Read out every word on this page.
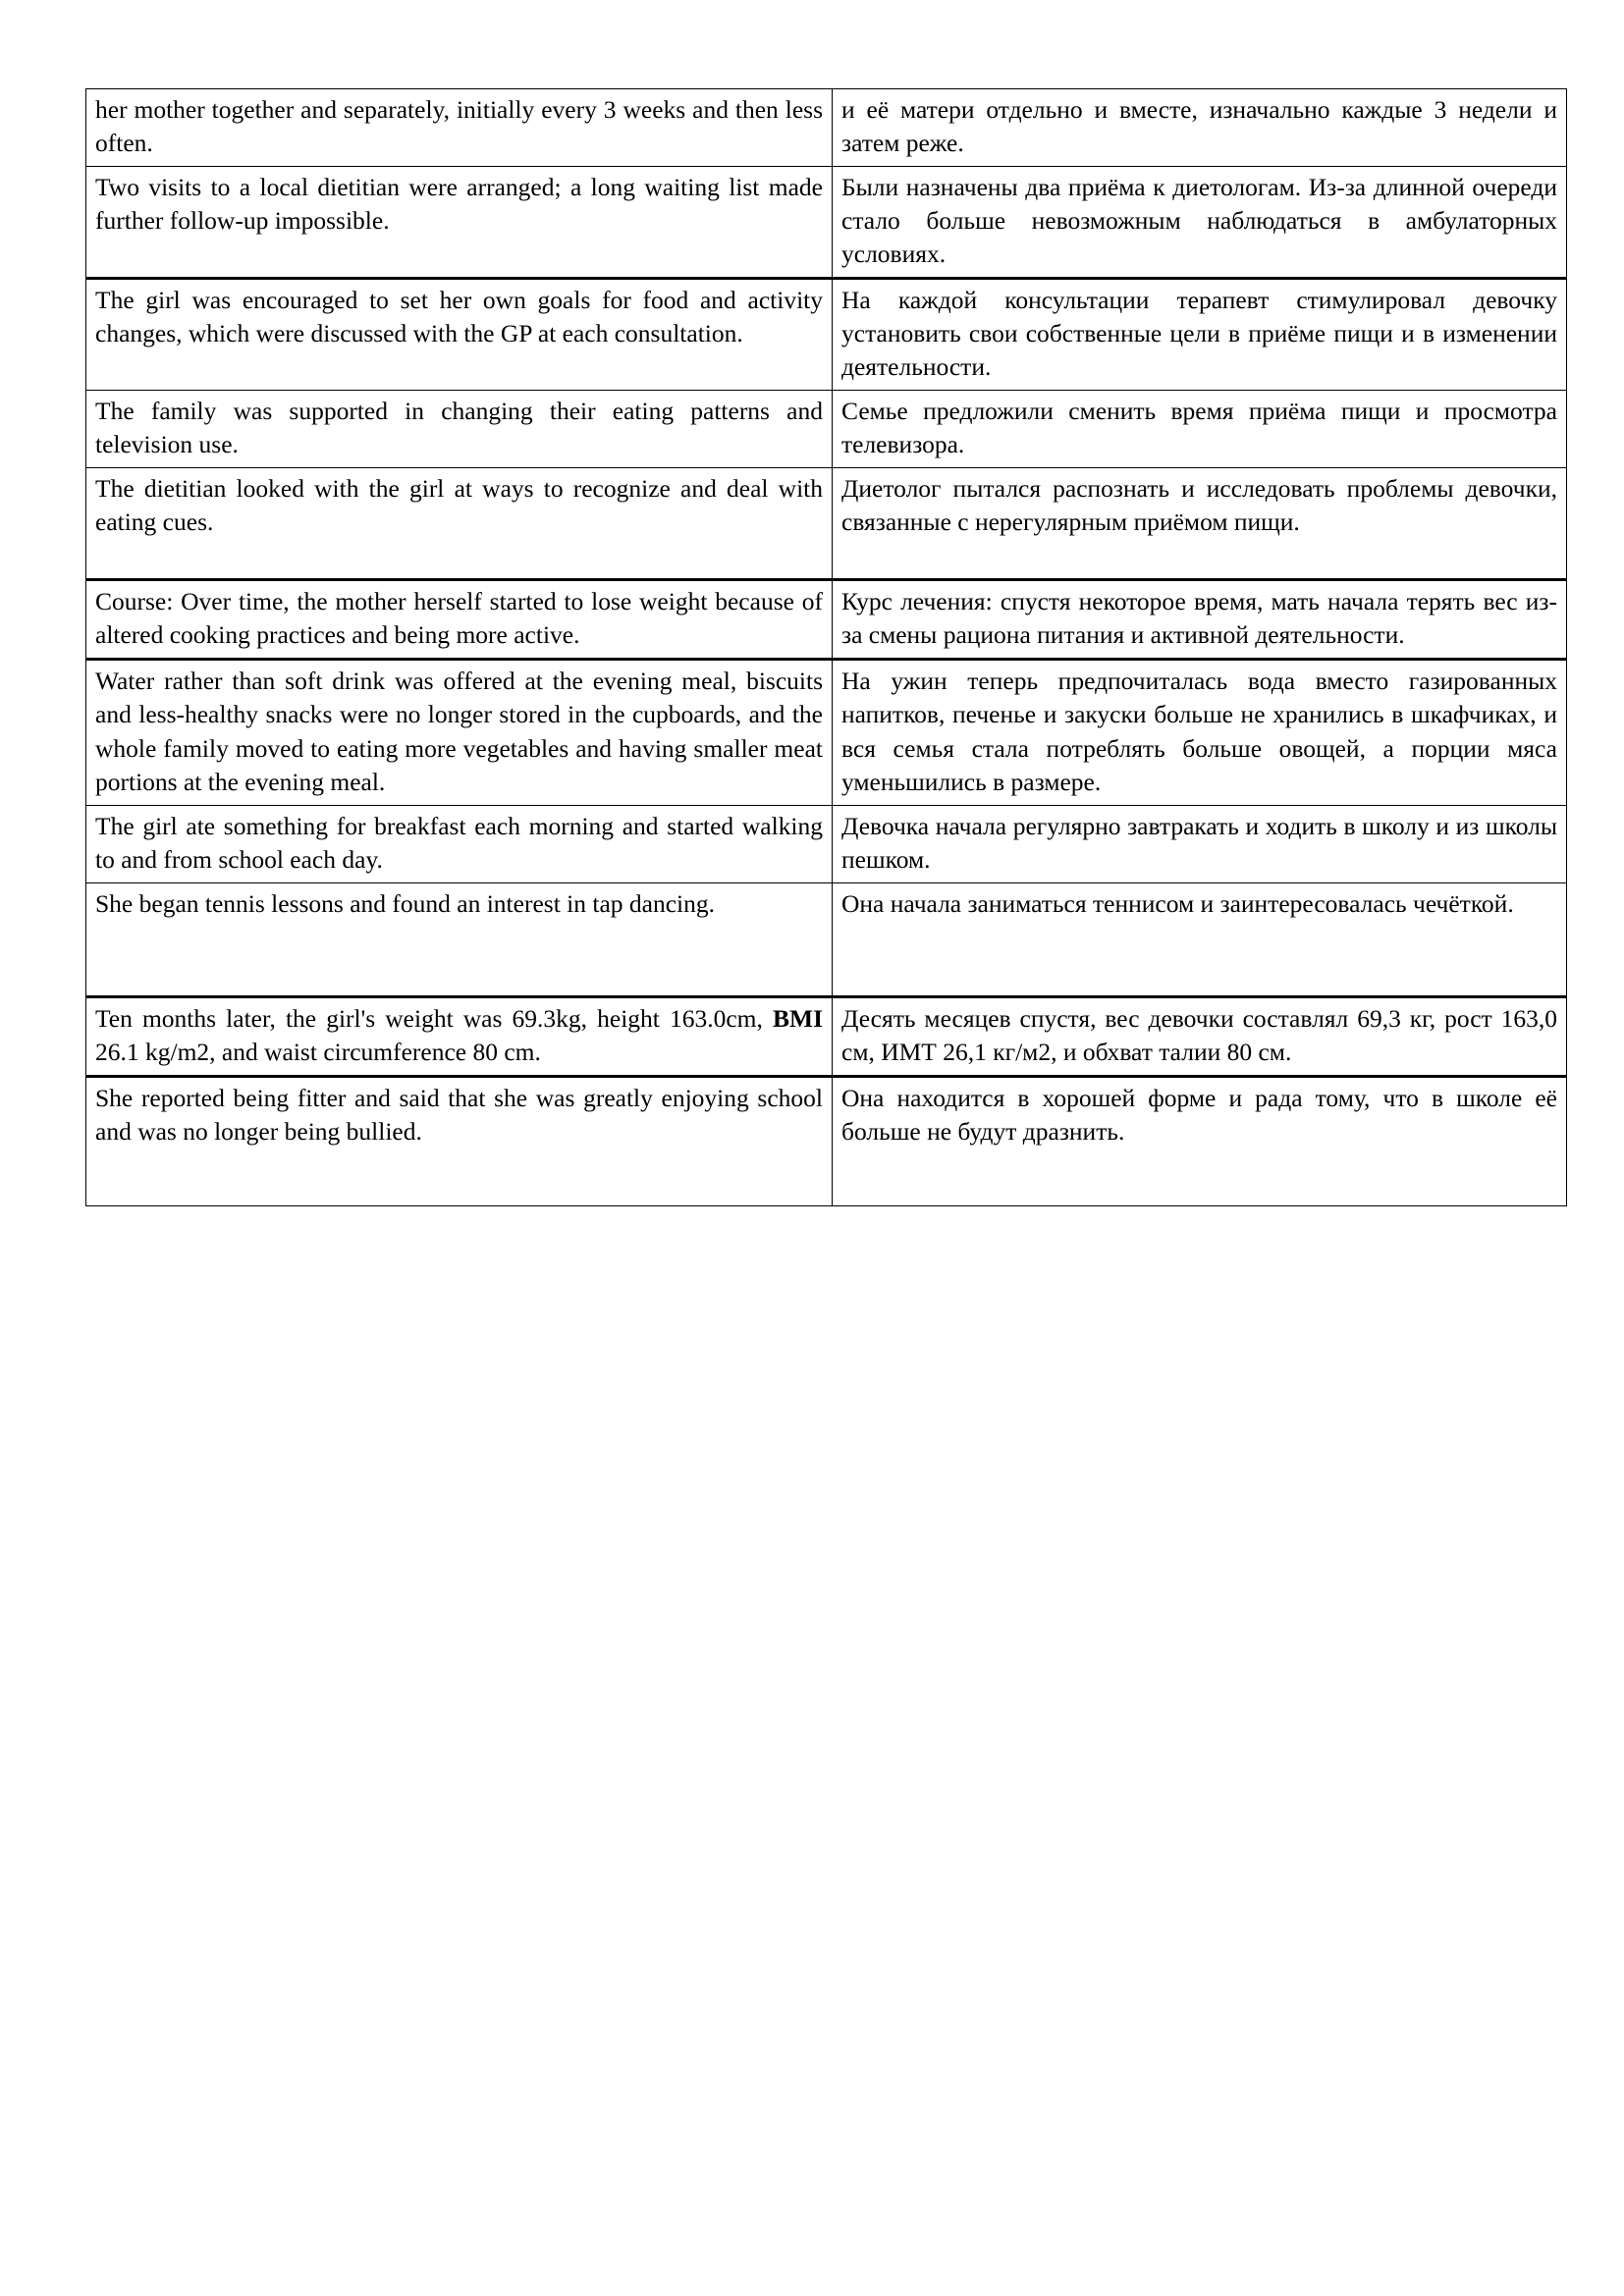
her mother together and separately, initially every 3 weeks and then less often.	и её матери отдельно и вместе, изначально каждые 3 недели и затем реже.

Two visits to a local dietitian were arranged; a long waiting list made further follow-up impossible.	Были назначены два приёма к диетологам. Из-за длинной очереди стало больше невозможным наблюдаться в амбулаторных условиях.

The girl was encouraged to set her own goals for food and activity changes, which were discussed with the GP at each consultation.	На каждой консультации терапевт стимулировал девочку установить свои собственные цели в приёме пищи и в изменении деятельности.

The family was supported in changing their eating patterns and television use.	Семье предложили сменить время приёма пищи и просмотра телевизора.

The dietitian looked with the girl at ways to recognize and deal with eating cues.	Диетолог пытался распознать и исследовать проблемы девочки, связанные с нерегулярным приёмом пищи.

Course: Over time, the mother herself started to lose weight because of altered cooking practices and being more active.	Курс лечения: спустя некоторое время, мать начала терять вес из-за смены рациона питания и активной деятельности.

Water rather than soft drink was offered at the evening meal, biscuits and less-healthy snacks were no longer stored in the cupboards, and the whole family moved to eating more vegetables and having smaller meat portions at the evening meal.	На ужин теперь предпочиталась вода вместо газированных напитков, печенье и закуски больше не хранились в шкафчиках, и вся семья стала потреблять больше овощей, а порции мяса уменьшились в размере.

The girl ate something for breakfast each morning and started walking to and from school each day.	Девочка начала регулярно завтракать и ходить в школу и из школы пешком.

She began tennis lessons and found an interest in tap dancing.	Она начала заниматься теннисом и заинтересовалась чечёткой.

Ten months later, the girl's weight was 69.3kg, height 163.0cm, BMI 26.1 kg/m2, and waist circumference 80 cm.	Десять месяцев спустя, вес девочки составлял 69,3 кг, рост 163,0 см, ИМТ 26,1 кг/м2, и обхват талии 80 см.

She reported being fitter and said that she was greatly enjoying school and was no longer being bullied.	Она находится в хорошей форме и рада тому, что в школе её больше не будут дразнить.
